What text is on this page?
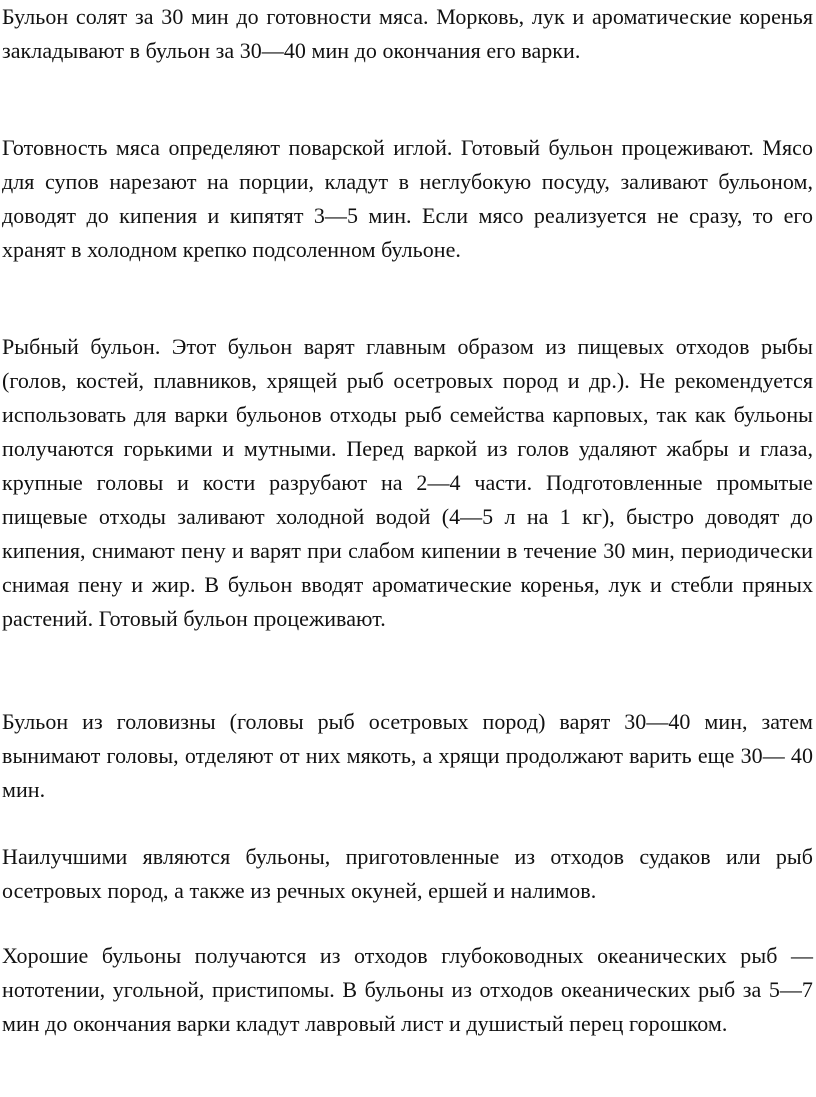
Бульон солят за 30 мин до готовности мяса. Морковь, лук и ароматические коренья закладывают в бульон за 30—40 мин до окончания его варки.

Готовность мяса определяют поварской иглой. Готовый бульон процеживают. Мясо для супов нарезают на порции, кладут в неглубокую посуду, заливают бульоном, доводят до кипения и кипятят 3—5 мин. Если мясо реализуется не сразу, то его хранят в холодном крепко подсоленном бульоне.

Рыбный бульон. Этот бульон варят главным образом из пищевых отходов рыбы (голов, костей, плавников, хрящей рыб осетровых пород и др.). Не рекомендуется использовать для варки бульонов отходы рыб семейства карповых, так как бульоны получаются горькими и мутными. Перед варкой из голов удаляют жабры и глаза, крупные головы и кости разрубают на 2—4 части. Подготовленные промытые пищевые отходы заливают холодной водой (4—5 л на 1 кг), быстро доводят до кипения, снимают пену и варят при слабом кипении в течение 30 мин, периодически снимая пену и жир. В бульон вводят ароматические коренья, лук и стебли пряных растений. Готовый бульон процеживают.

Бульон из головизны (головы рыб осетровых пород) варят 30—40 мин, затем вынимают головы, отделяют от них мякоть, а хрящи продолжают варить еще 30— 40 мин.

Наилучшими являются бульоны, приготовленные из отходов судаков или рыб осетровых пород, а также из речных окуней, ершей и налимов.

Хорошие бульоны получаются из отходов глубоководных океанических рыб — нототении, угольной, пристипомы. В бульоны из отходов океанических рыб за 5—7 мин до окончания варки кладут лавровый лист и душистый перец горошком.
